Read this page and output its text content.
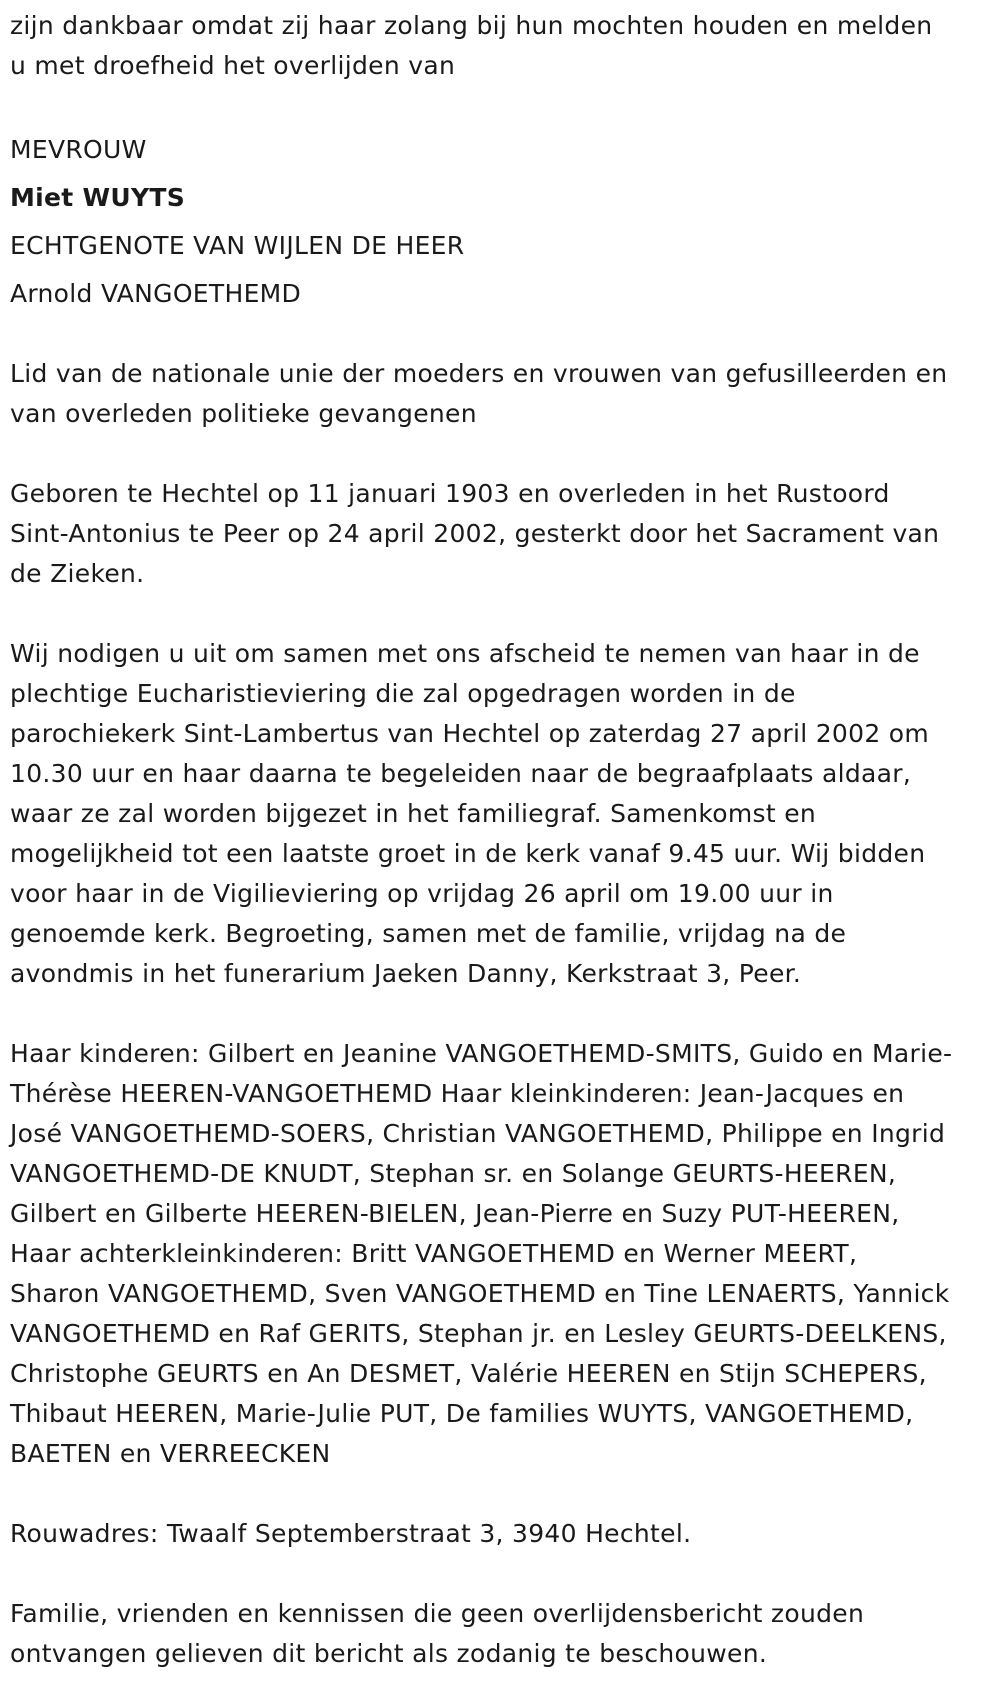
zijn dankbaar omdat zij haar zolang bij hun mochten houden en melden
u met droefheid het overlijden van
MEVROUW
Miet WUYTS
ECHTGENOTE VAN WIJLEN DE HEER
Arnold VANGOETHEMD
Lid van de nationale unie der moeders en vrouwen van gefusilleerden en
van overleden politieke gevangenen
Geboren te Hechtel op 11 januari 1903 en overleden in het Rustoord
Sint-Antonius te Peer op 24 april 2002, gesterkt door het Sacrament van
de Zieken.
Wij nodigen u uit om samen met ons afscheid te nemen van haar in de
plechtige Eucharistieviering die zal opgedragen worden in de
parochiekerk Sint-Lambertus van Hechtel op zaterdag 27 april 2002 om
10.30 uur en haar daarna te begeleiden naar de begraafplaats aldaar,
waar ze zal worden bijgezet in het familiegraf. Samenkomst en
mogelijkheid tot een laatste groet in de kerk vanaf 9.45 uur. Wij bidden
voor haar in de Vigilieviering op vrijdag 26 april om 19.00 uur in
genoemde kerk. Begroeting, samen met de familie, vrijdag na de
avondmis in het funerarium Jaeken Danny, Kerkstraat 3, Peer.
Haar kinderen: Gilbert en Jeanine VANGOETHEMD-SMITS, Guido en Marie-
Thérèse HEEREN-VANGOETHEMD Haar kleinkinderen: Jean-Jacques en
José VANGOETHEMD-SOERS, Christian VANGOETHEMD, Philippe en Ingrid
VANGOETHEMD-DE KNUDT, Stephan sr. en Solange GEURTS-HEEREN,
Gilbert en Gilberte HEEREN-BIELEN, Jean-Pierre en Suzy PUT-HEEREN,
Haar achterkleinkinderen: Britt VANGOETHEMD en Werner MEERT,
Sharon VANGOETHEMD, Sven VANGOETHEMD en Tine LENAERTS, Yannick
VANGOETHEMD en Raf GERITS, Stephan jr. en Lesley GEURTS-DEELKENS,
Christophe GEURTS en An DESMET, Valérie HEEREN en Stijn SCHEPERS,
Thibaut HEEREN, Marie-Julie PUT, De families WUYTS, VANGOETHEMD,
BAETEN en VERREECKEN
Rouwadres: Twaalf Septemberstraat 3, 3940 Hechtel.
Familie, vrienden en kennissen die geen overlijdensbericht zouden
ontvangen gelieven dit bericht als zodanig te beschouwen.
